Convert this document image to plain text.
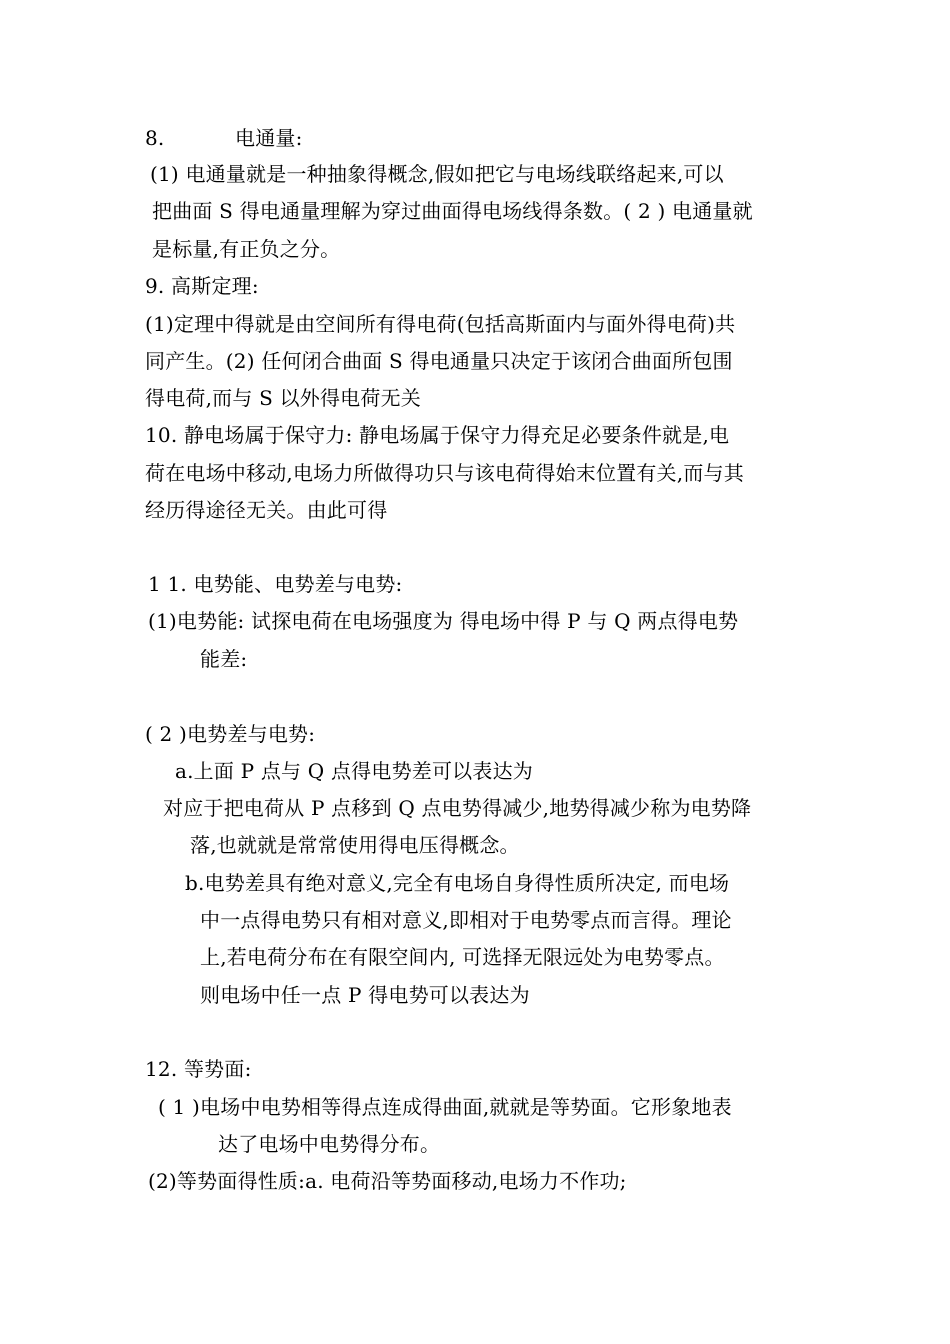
8.	电通量:
(1) 电通量就是一种抽象得概念,假如把它与电场线联络起来,可以
把曲面 S 得电通量理解为穿过曲面得电场线得条数。( 2 ) 电通量就
是标量,有正负之分。
9. 高斯定理:
(1)定理中得就是由空间所有得电荷(包括高斯面内与面外得电荷)共
同产生。(2) 任何闭合曲面 S 得电通量只决定于该闭合曲面所包围
得电荷,而与 S 以外得电荷无关
10. 静电场属于保守力: 静电场属于保守力得充足必要条件就是,电
荷在电场中移动,电场力所做得功只与该电荷得始末位置有关,而与其
经历得途径无关。由此可得
1 1. 电势能、电势差与电势:
(1)电势能: 试探电荷在电场强度为 得电场中得 P 与 Q 两点得电势
能差:
( 2 )电势差与电势:
a.上面 P 点与 Q 点得电势差可以表达为
对应于把电荷从 P 点移到 Q 点电势得减少,地势得减少称为电势降
落,也就就是常常使用得电压得概念。
b.电势差具有绝对意义,完全有电场自身得性质所决定, 而电场
中一点得电势只有相对意义,即相对于电势零点而言得。理论
上,若电荷分布在有限空间内, 可选择无限远处为电势零点。
则电场中任一点 P 得电势可以表达为
12. 等势面:
( 1 )电场中电势相等得点连成得曲面,就就是等势面。它形象地表
达了电场中电势得分布。
(2)等势面得性质:a. 电荷沿等势面移动,电场力不作功;
